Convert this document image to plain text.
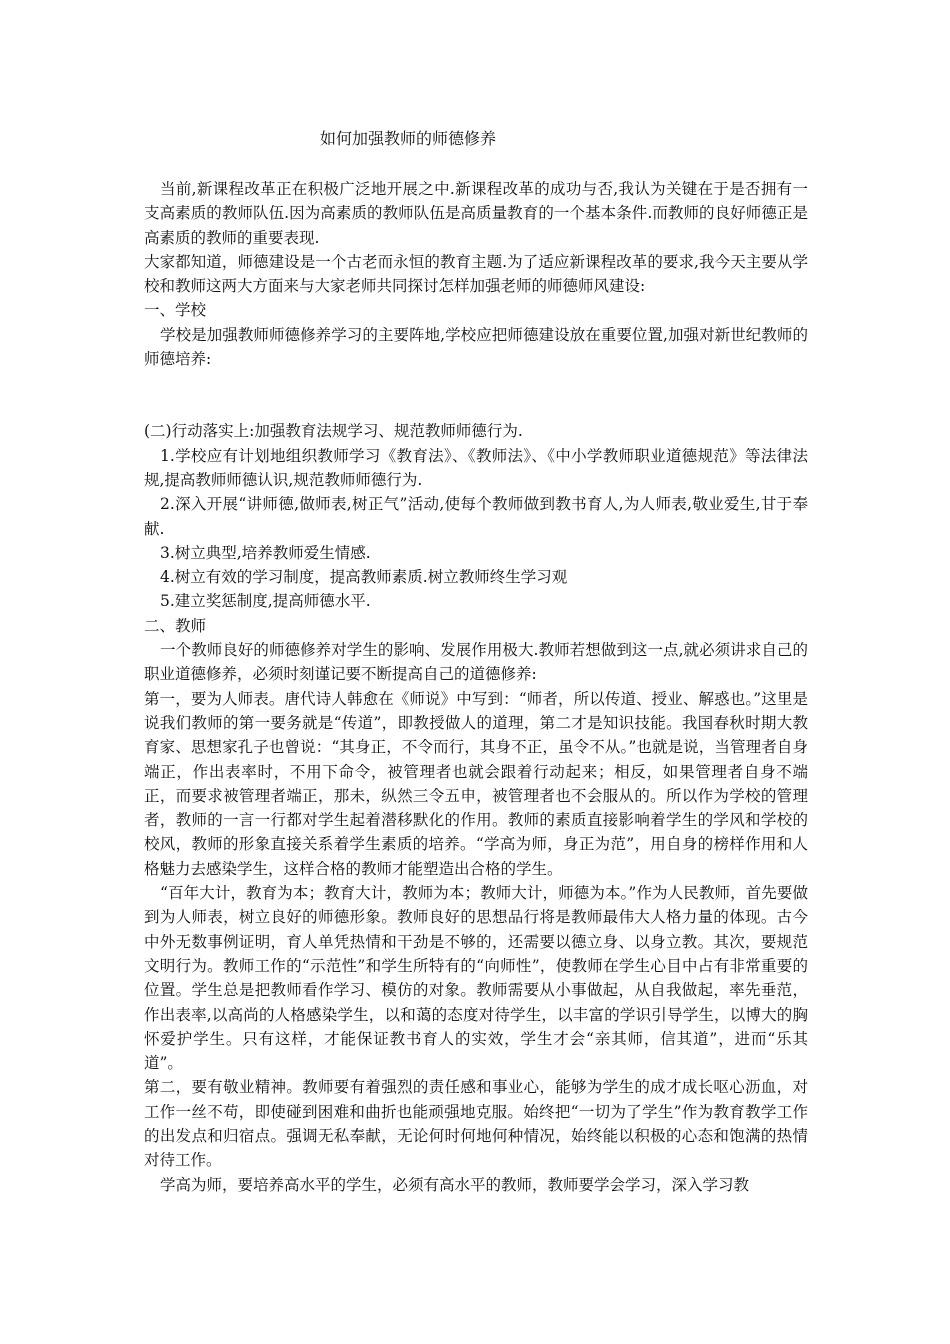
如何加强教师的师德修养

当前,新课程改革正在积极广泛地开展之中.新课程改革的成功与否,我认为关键在于是否拥有一支高素质的教师队伍.因为高素质的教师队伍是高质量教育的一个基本条件.而教师的良好师德正是高素质的教师的重要表现.

大家都知道，师德建设是一个古老而永恒的教育主题.为了适应新课程改革的要求,我今天主要从学校和教师这两大方面来与大家老师共同探讨怎样加强老师的师德师风建设:

一、学校

学校是加强教师师德修养学习的主要阵地,学校应把师德建设放在重要位置,加强对新世纪教师的师德培养:

(二)行动落实上:加强教育法规学习、规范教师师德行为.

1.学校应有计划地组织教师学习《教育法》、《教师法》、《中小学教师职业道德规范》等法律法规,提高教师师德认识,规范教师师德行为.

2.深入开展“讲师德,做师表,树正气”活动,使每个教师做到教书育人,为人师表,敬业爱生,甘于奉献.

3.树立典型,培养教师爱生情感.

4.树立有效的学习制度，提高教师素质.树立教师终生学习观

5.建立奖惩制度,提高师德水平.

二、教师

一个教师良好的师德修养对学生的影响、发展作用极大.教师若想做到这一点,就必须讲求自己的职业道德修养，必须时刻谨记要不断提高自己的道德修养:

第一，要为人师表。唐代诗人韩愈在《师说》中写到：“师者，所以传道、授业、解惑也。”这里是说我们教师的第一要务就是“传道”，即教授做人的道理，第二才是知识技能。我国春秋时期大教育家、思想家孔子也曾说：“其身正，不令而行，其身不正，虽令不从。”也就是说，当管理者自身端正，作出表率时，不用下命令，被管理者也就会跟着行动起来；相反，如果管理者自身不端正，而要求被管理者端正，那未，纵然三令五申，被管理者也不会服从的。所以作为学校的管理者，教师的一言一行都对学生起着潜移默化的作用。教师的素质直接影响着学生的学风和学校的校风，教师的形象直接关系着学生素质的培养。“学高为师，身正为范”，用自身的榜样作用和人格魅力去感染学生，这样合格的教师才能塑造出合格的学生。

“百年大计，教育为本；教育大计，教师为本；教师大计，师德为本。”作为人民教师，首先要做到为人师表，树立良好的师德形象。教师良好的思想品行将是教师最伟大人格力量的体现。古今中外无数事例证明，育人单凭热情和干劲是不够的，还需要以德立身、以身立教。其次，要规范文明行为。教师工作的“示范性”和学生所特有的“向师性”，使教师在学生心目中占有非常重要的位置。学生总是把教师看作学习、模仿的对象。教师需要从小事做起，从自我做起，率先垂范，作出表率,以高尚的人格感染学生，以和蔼的态度对待学生，以丰富的学识引导学生，以博大的胸怀爱护学生。只有这样，才能保证教书育人的实效，学生才会“亲其师，信其道”，进而“乐其道”。

第二，要有敬业精神。教师要有着强烈的责任感和事业心，能够为学生的成才成长呕心沥血，对工作一丝不苟，即使碰到困难和曲折也能顽强地克服。始终把“一切为了学生”作为教育教学工作的出发点和归宿点。强调无私奉献，无论何时何地何种情况，始终能以积极的心态和饱满的热情对待工作。

学高为师，要培养高水平的学生，必须有高水平的教师，教师要学会学习，深入学习教
